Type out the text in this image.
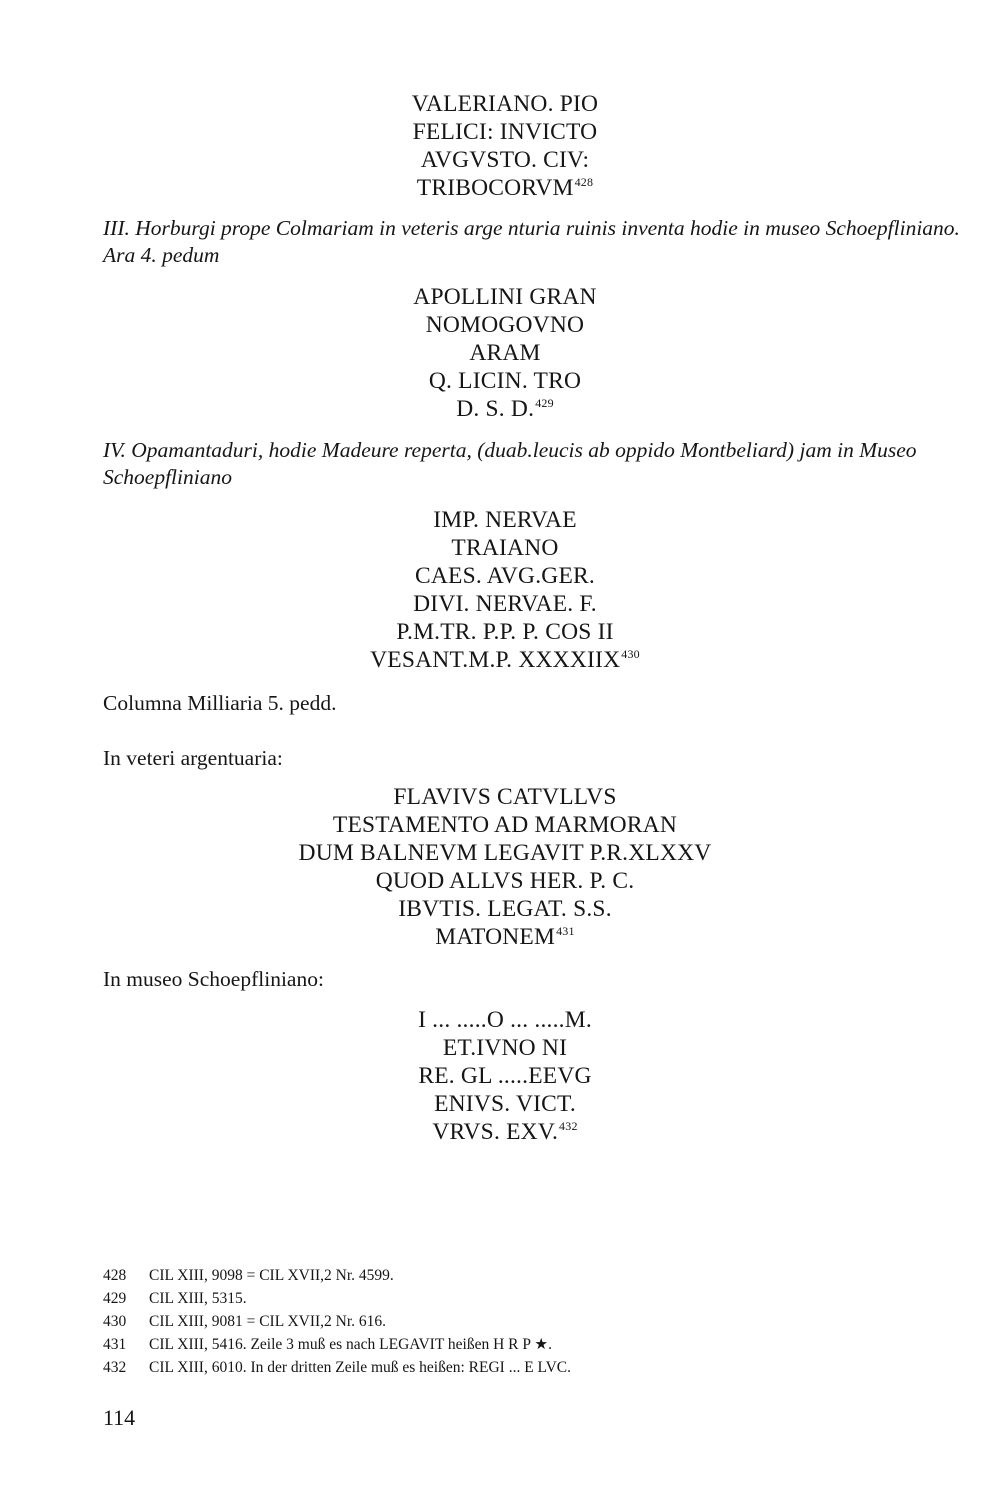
VALERIANO. PIO
FELICI: INVICTO
AVGVSTO. CIV:
TRIBOCORVM$^{428}$
III. Horburgi prope Colmariam in veteris arge nturia ruinis inventa hodie in museo Schoepfliniano. Ara 4. pedum
APOLLINI GRAN
NOMOGOVNO
ARAM
Q. LICIN. TRO
D. S. D.$^{429}$
IV. Opamantaduri, hodie Madeure reperta, (duab.leucis ab oppido Montbeliard) jam in Museo Schoepfliniano
IMP. NERVAE
TRAIANO
CAES. AVG.GER.
DIVI. NERVAE. F.
P.M.TR. P.P. P. COS II
VESANT.M.P. XXXXIIX$^{430}$
Columna Milliaria 5. pedd.
In veteri argentuaria:
FLAVIVS CATVLLVS
TESTAMENTO AD MARMORAN
DUM BALNEVM LEGAVIT P.R.XLXXV
QUOD ALLVS HER. P. C.
IBVTIS. LEGAT. S.S.
MATONEM$^{431}$
In museo Schoepfliniano:
I ... .....O ... .....M.
ET.IVNO NI
RE. GL .....EEVG
ENIVS. VICT.
VRVS. EXV.$^{432}$
428 CIL XIII, 9098 = CIL XVII,2 Nr. 4599.
429 CIL XIII, 5315.
430 CIL XIII, 9081 = CIL XVII,2 Nr. 616.
431 CIL XIII, 5416. Zeile 3 muß es nach LEGAVIT heißen H R P ★.
432 CIL XIII, 6010. In der dritten Zeile muß es heißen: REGI ... E LVC.
114
